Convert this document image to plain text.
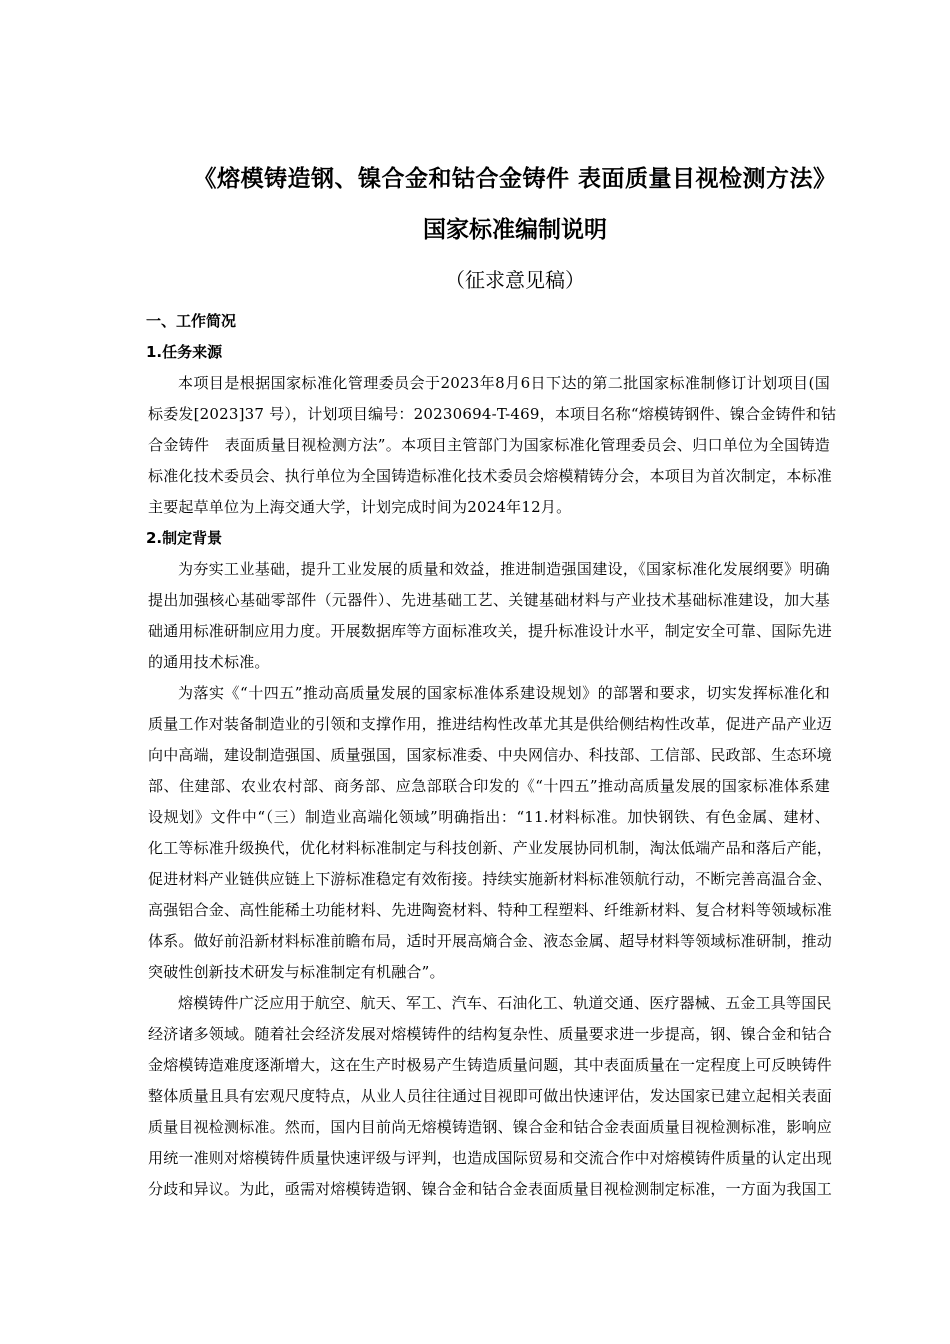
《熔模铸造钢、镍合金和钴合金铸件 表面质量目视检测方法》
国家标准编制说明
（征求意见稿）
一、工作简况
1.任务来源
本项目是根据国家标准化管理委员会于2023年8月6日下达的第二批国家标准制修订计划项目(国
标委发[2023]37 号），计划项目编号：20230694-T-469，本项目名称“熔模铸钢件、镍合金铸件和钴
合金铸件　表面质量目视检测方法”。本项目主管部门为国家标准化管理委员会、归口单位为全国铸造
标准化技术委员会、执行单位为全国铸造标准化技术委员会熔模精铸分会，本项目为首次制定，本标准
主要起草单位为上海交通大学，计划完成时间为2024年12月。
2.制定背景
为夯实工业基础，提升工业发展的质量和效益，推进制造强国建设，《国家标准化发展纲要》明确
提出加强核心基础零部件（元器件）、先进基础工艺、关键基础材料与产业技术基础标准建设，加大基
础通用标准研制应用力度。开展数据库等方面标准攻关，提升标准设计水平，制定安全可靠、国际先进
的通用技术标准。
为落实《“十四五”推动高质量发展的国家标准体系建设规划》的部署和要求，切实发挥标准化和
质量工作对装备制造业的引领和支撑作用，推进结构性改革尤其是供给侧结构性改革，促进产品产业迈
向中高端，建设制造强国、质量强国，国家标准委、中央网信办、科技部、工信部、民政部、生态环境
部、住建部、农业农村部、商务部、应急部联合印发的《“十四五”推动高质量发展的国家标准体系建
设规划》文件中“（三）制造业高端化领域”明确指出：“11.材料标准。加快钢铁、有色金属、建材、
化工等标准升级换代，优化材料标准制定与科技创新、产业发展协同机制，淘汰低端产品和落后产能，
促进材料产业链供应链上下游标准稳定有效衔接。持续实施新材料标准领航行动，不断完善高温合金、
高强铝合金、高性能稀土功能材料、先进陶瓷材料、特种工程塑料、纤维新材料、复合材料等领域标准
体系。做好前沿新材料标准前瞻布局，适时开展高熵合金、液态金属、超导材料等领域标准研制，推动
突破性创新技术研发与标准制定有机融合”。
熔模铸件广泛应用于航空、航天、军工、汽车、石油化工、轨道交通、医疗器械、五金工具等国民
经济诸多领域。随着社会经济发展对熔模铸件的结构复杂性、质量要求进一步提高，钢、镍合金和钴合
金熔模铸造难度逐渐增大，这在生产时极易产生铸造质量问题，其中表面质量在一定程度上可反映铸件
整体质量且具有宏观尺度特点，从业人员往往通过目视即可做出快速评估，发达国家已建立起相关表面
质量目视检测标准。然而，国内目前尚无熔模铸造钢、镍合金和钴合金表面质量目视检测标准，影响应
用统一准则对熔模铸件质量快速评级与评判，也造成国际贸易和交流合作中对熔模铸件质量的认定出现
分歧和异议。为此，亟需对熔模铸造钢、镍合金和钴合金表面质量目视检测制定标准，一方面为我国工
